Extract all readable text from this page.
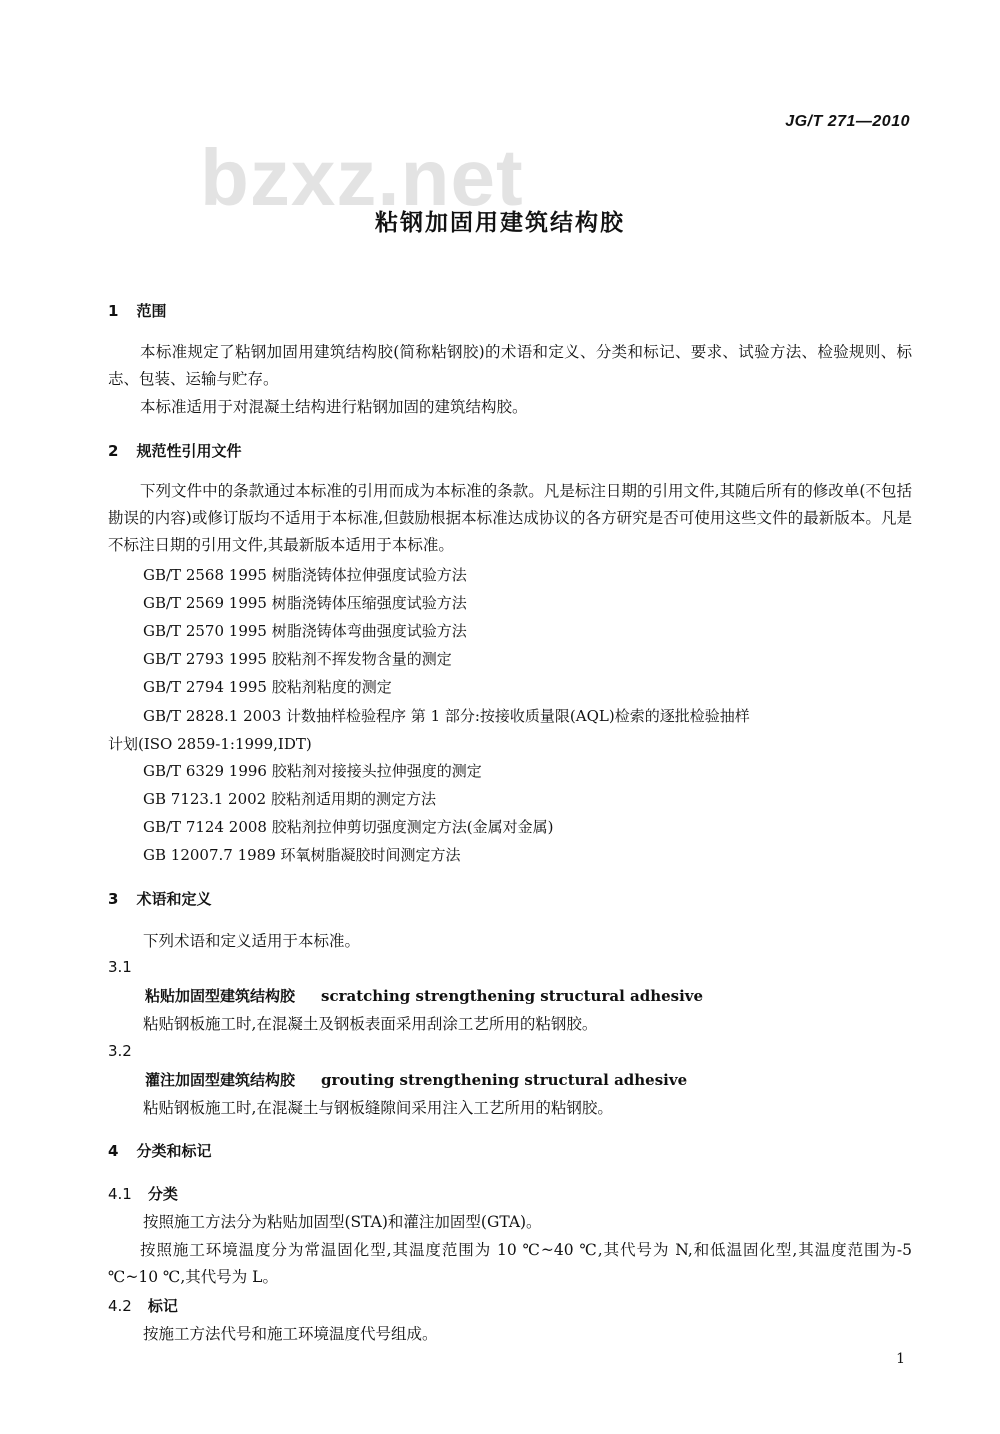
JG/T 271—2010
bzxz.net
粘钢加固用建筑结构胶
1 范围
本标准规定了粘钢加固用建筑结构胶(简称粘钢胶)的术语和定义、分类和标记、要求、试验方法、检验规则、标志、包装、运输与贮存。
本标准适用于对混凝土结构进行粘钢加固的建筑结构胶。
2 规范性引用文件
下列文件中的条款通过本标准的引用而成为本标准的条款。凡是标注日期的引用文件,其随后所有的修改单(不包括勘误的内容)或修订版均不适用于本标准,但鼓励根据本标准达成协议的各方研究是否可使用这些文件的最新版本。凡是不标注日期的引用文件,其最新版本适用于本标准。
GB/T 2568 1995 树脂浇铸体拉伸强度试验方法
GB/T 2569 1995 树脂浇铸体压缩强度试验方法
GB/T 2570 1995 树脂浇铸体弯曲强度试验方法
GB/T 2793 1995 胶粘剂不挥发物含量的测定
GB/T 2794 1995 胶粘剂粘度的测定
GB/T 2828.1 2003 计数抽样检验程序 第 1 部分:按接收质量限(AQL)检索的逐批检验抽样
计划(ISO 2859-1:1999,IDT)
GB/T 6329 1996 胶粘剂对接接头拉伸强度的测定
GB 7123.1 2002 胶粘剂适用期的测定方法
GB/T 7124 2008 胶粘剂拉伸剪切强度测定方法(金属对金属)
GB 12007.7 1989 环氧树脂凝胶时间测定方法
3 术语和定义
下列术语和定义适用于本标准。
3.1
粘贴加固型建筑结构胶 scratching strengthening structural adhesive
粘贴钢板施工时,在混凝土及钢板表面采用刮涂工艺所用的粘钢胶。
3.2
灌注加固型建筑结构胶 grouting strengthening structural adhesive
粘贴钢板施工时,在混凝土与钢板缝隙间采用注入工艺所用的粘钢胶。
4 分类和标记
4.1 分类
按照施工方法分为粘贴加固型(STA)和灌注加固型(GTA)。
按照施工环境温度分为常温固化型,其温度范围为 10 ℃~40 ℃,其代号为 N,和低温固化型,其温度范围为-5 ℃~10 ℃,其代号为 L。
4.2 标记
按施工方法代号和施工环境温度代号组成。
1
